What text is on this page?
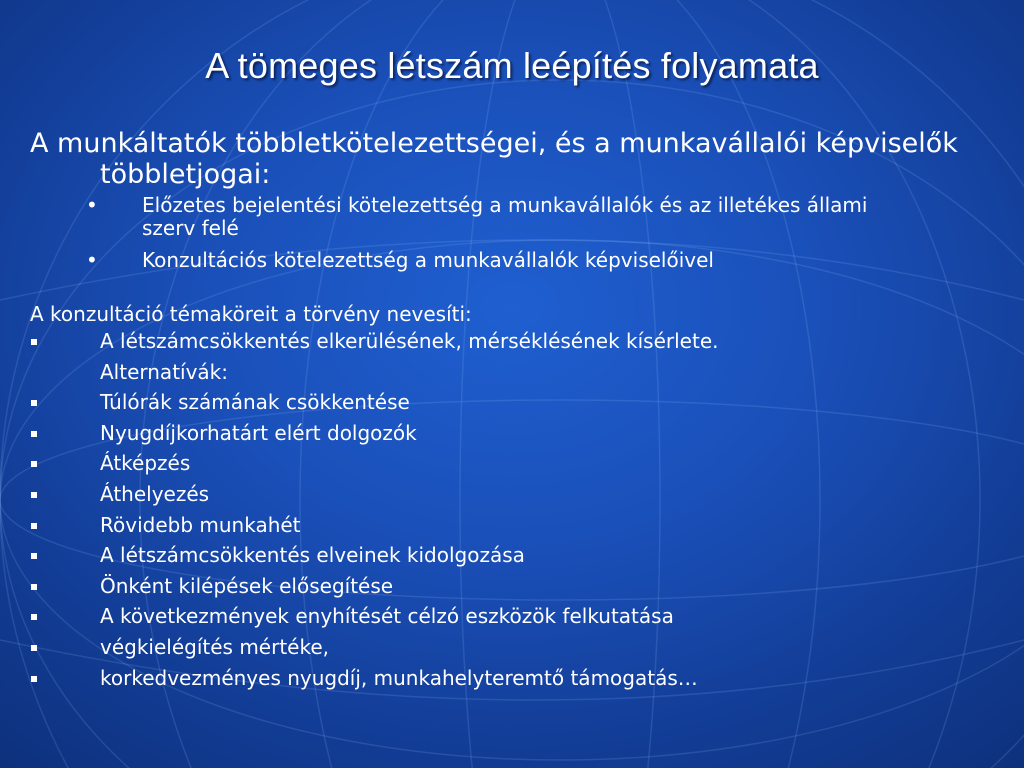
A tömeges létszám leépítés folyamata

A munkáltatók többletkötelezettségei, és a munkavállalói képviselők többletjogai:

• Előzetes bejelentési kötelezettség a munkavállalók és az illetékes állami szerv felé
• Konzultációs kötelezettség a munkavállalók képviselőivel

A konzultáció témaköreit a törvény nevesíti:

A létszámcsökkentés elkerülésének, mérséklésének kísérlete.
Alternatívák:
Túlórák számának csökkentése
Nyugdíjkorhatárt elért dolgozók
Átképzés
Áthelyezés
Rövidebb munkahét
A létszámcsökkentés elveinek kidolgozása
Önként kilépések elősegítése
A következmények enyhítését célzó eszközök felkutatása
végkielégítés mértéke,
korkedvezményes nyugdíj, munkahelyteremtő támogatás…
